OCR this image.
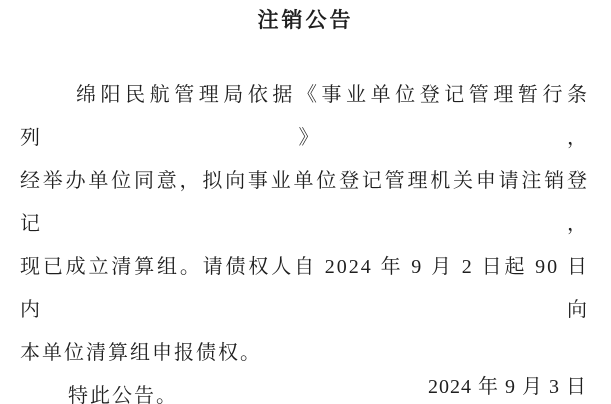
注销公告
绵阳民航管理局依据《事业单位登记管理暂行条列》，
经举办单位同意，拟向事业单位登记管理机关申请注销登记，
现已成立清算组。请债权人自 2024 年 9 月 2 日起 90 日内向
本单位清算组申报债权。
特此公告。	2024 年 9 月 3 日
